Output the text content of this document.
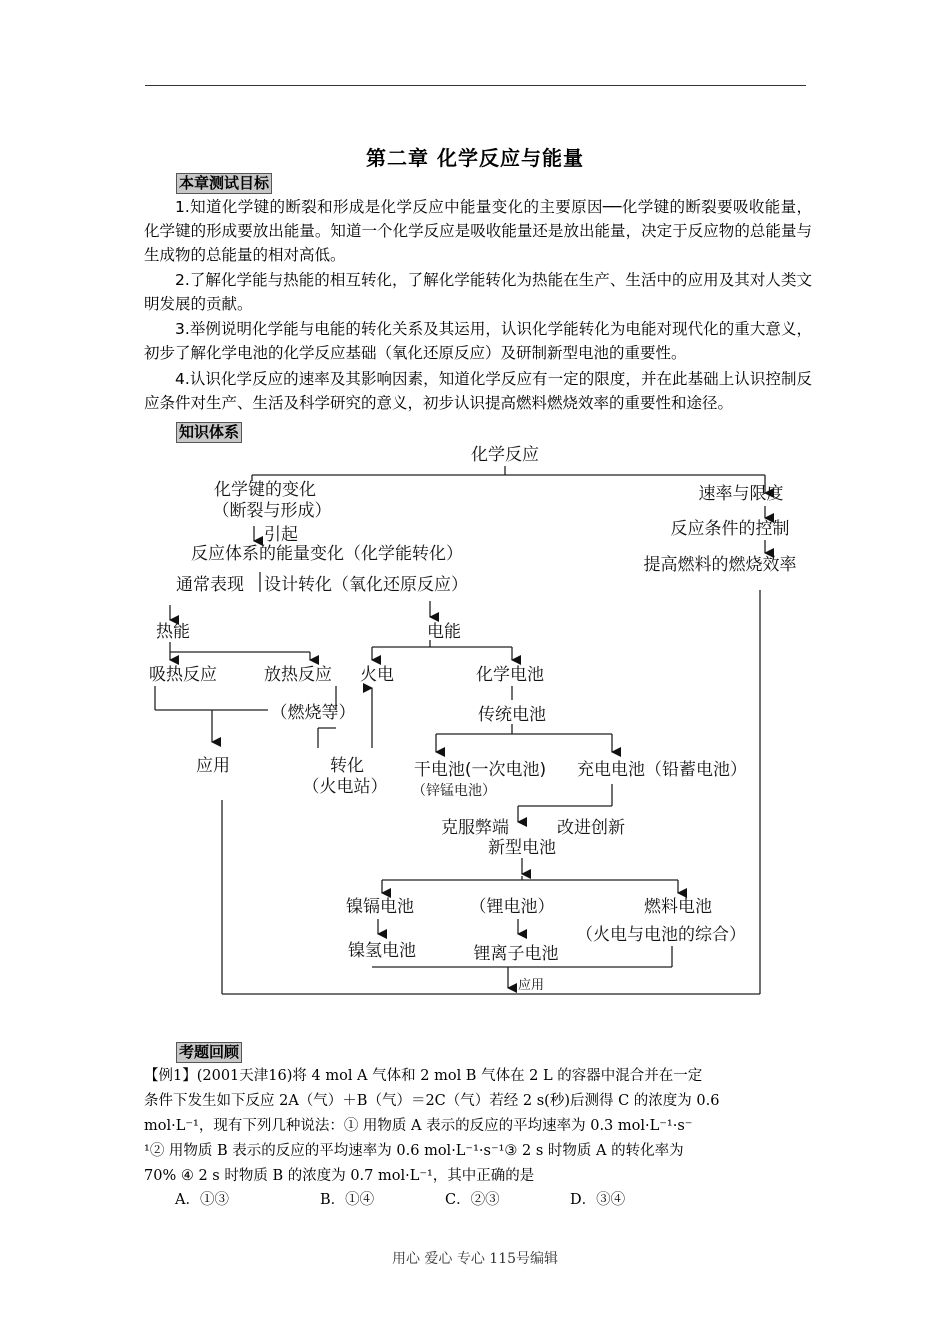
第二章 化学反应与能量
本章测试目标

1.知道化学键的断裂和形成是化学反应中能量变化的主要原因──化学键的断裂要吸收能量，化学键的形成要放出能量。知道一个化学反应是吸收能量还是放出能量，决定于反应物的总能量与生成物的总能量的相对高低。

2.了解化学能与热能的相互转化，了解化学能转化为热能在生产、生活中的应用及其对人类文明发展的贡献。

3.举例说明化学能与电能的转化关系及其运用，认识化学能转化为电能对现代化的重大意义，初步了解化学电池的化学反应基础（氧化还原反应）及研制新型电池的重要性。

4.认识化学反应的速率及其影响因素，知道化学反应有一定的限度，并在此基础上认识控制反应条件对生产、生活及科学研究的意义，初步认识提高燃料燃烧效率的重要性和途径。

知识体系
化学反应
化学键的变化
（断裂与形成）
引起
反应体系的能量变化（化学能转化）
通常表现 设计转化（氧化还原反应）
速率与限度
反应条件的控制
提高燃料的燃烧效率
热能	电能
吸热反应	放热反应 火电	化学电池
（燃烧等）	传统电池
应用	转化
（火电站）
干电池(一次电池)
（锌锰电池）
充电电池（铅蓄电池）
克服弊端	改进创新
新型电池
镍镉电池	（锂电池）	燃料电池
镍氢电池	锂离子电池
（火电与电池的综合）
应用
考题回顾
【例1】(2001天津16)将 4 mol A 气体和 2 mol B 气体在 2 L 的容器中混合并在一定
条件下发生如下反应 2A（气）＋B（气）＝2C（气）若经 2 s(秒)后测得 C 的浓度为 0.6
mol·L⁻¹，现有下列几种说法：① 用物质 A 表示的反应的平均速率为 0.3 mol·L⁻¹·s⁻
¹② 用物质 B 表示的反应的平均速率为 0.6 mol·L⁻¹·s⁻¹③ 2 s 时物质 A 的转化率为
70% ④ 2 s 时物质 B 的浓度为 0.7 mol·L⁻¹，其中正确的是
A．①③	B．①④	C．②③	D．③④
用心 爱心 专心 115号编辑
